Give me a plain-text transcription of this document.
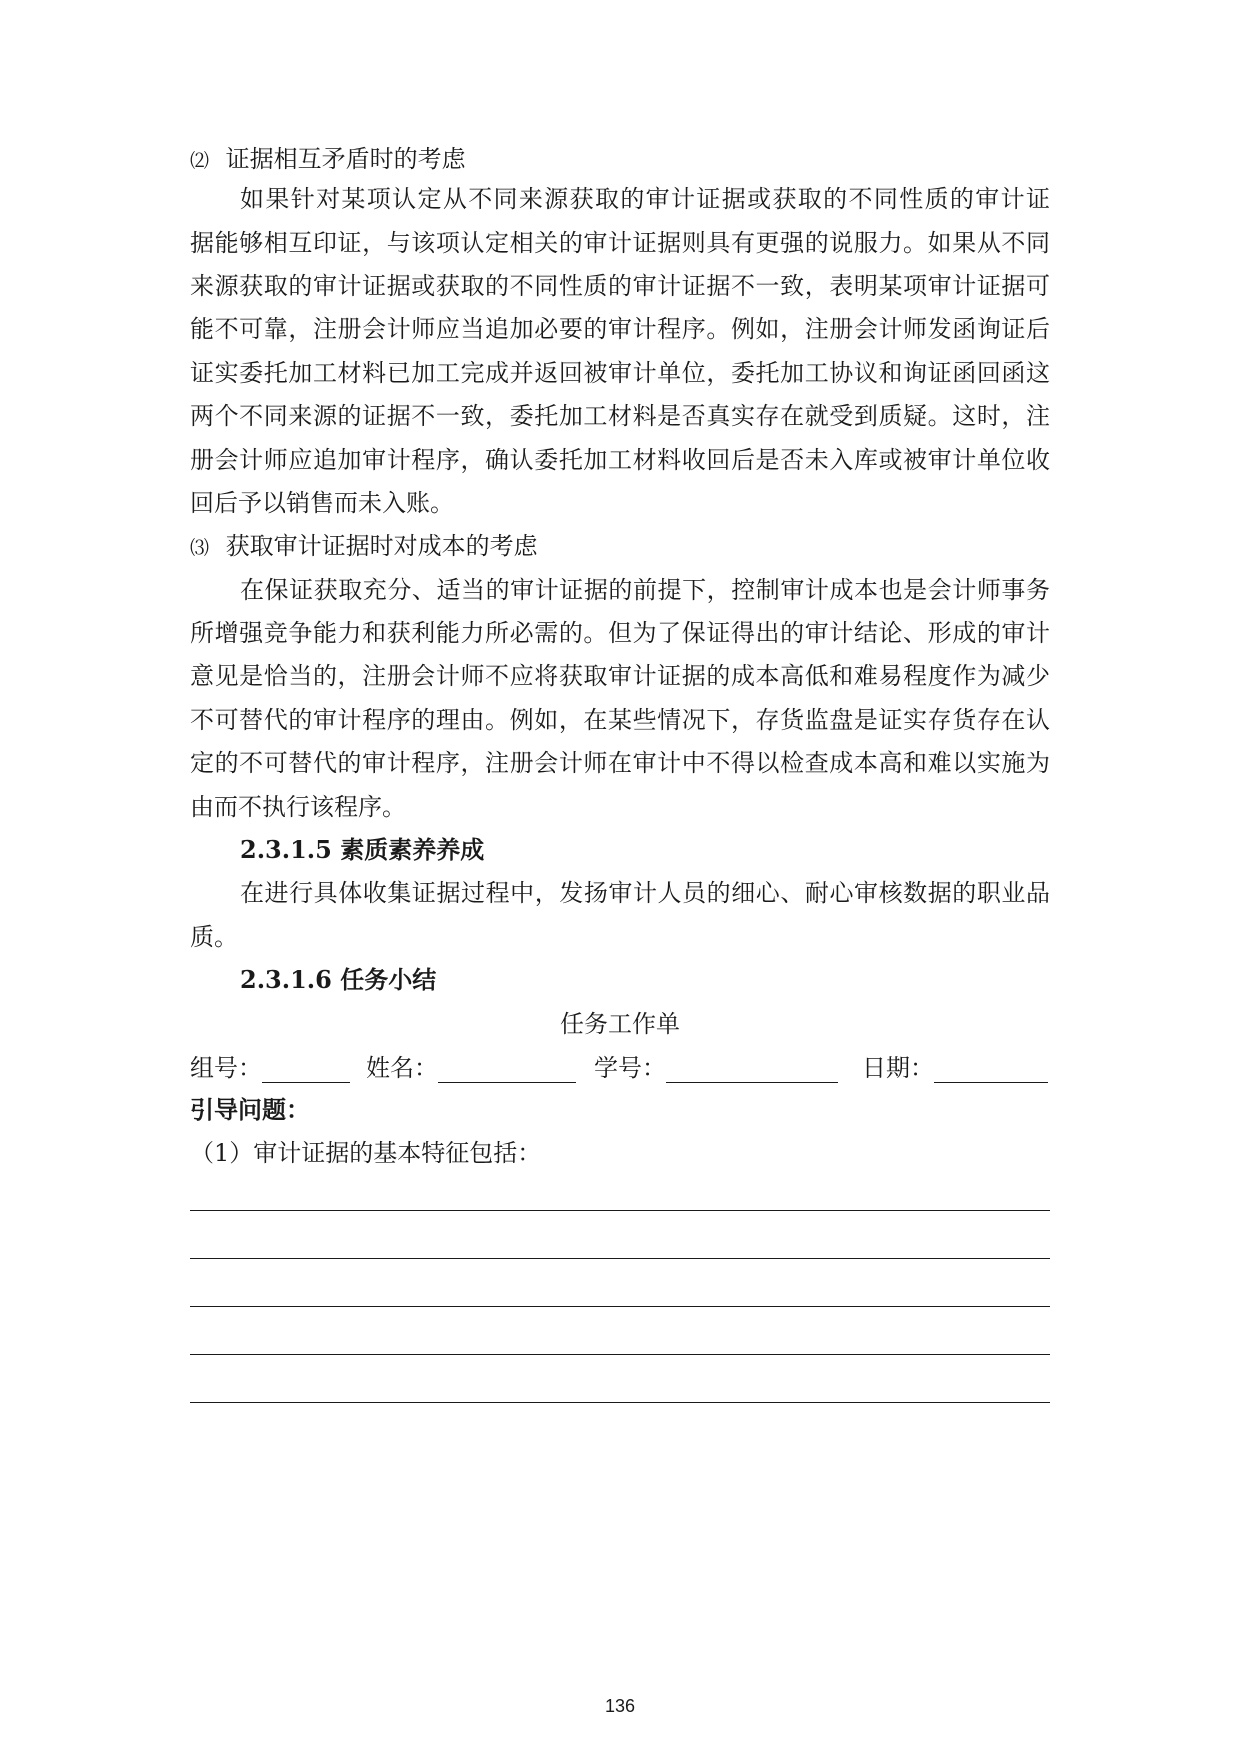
⑵ 证据相互矛盾时的考虑
如果针对某项认定从不同来源获取的审计证据或获取的不同性质的审计证
据能够相互印证，与该项认定相关的审计证据则具有更强的说服力。如果从不同
来源获取的审计证据或获取的不同性质的审计证据不一致，表明某项审计证据可
能不可靠，注册会计师应当追加必要的审计程序。例如，注册会计师发函询证后
证实委托加工材料已加工完成并返回被审计单位，委托加工协议和询证函回函这
两个不同来源的证据不一致，委托加工材料是否真实存在就受到质疑。这时，注
册会计师应追加审计程序，确认委托加工材料收回后是否未入库或被审计单位收
回后予以销售而未入账。
⑶ 获取审计证据时对成本的考虑
在保证获取充分、适当的审计证据的前提下，控制审计成本也是会计师事务
所增强竞争能力和获利能力所必需的。但为了保证得出的审计结论、形成的审计
意见是恰当的，注册会计师不应将获取审计证据的成本高低和难易程度作为减少
不可替代的审计程序的理由。例如，在某些情况下，存货监盘是证实存货存在认
定的不可替代的审计程序，注册会计师在审计中不得以检查成本高和难以实施为
由而不执行该程序。
2.3.1.5 素质素养养成
在进行具体收集证据过程中，发扬审计人员的细心、耐心审核数据的职业品
质。
2.3.1.6 任务小结
任务工作单
组号：	姓名：	学号：	日期：
引导问题：
（1）审计证据的基本特征包括：
136
